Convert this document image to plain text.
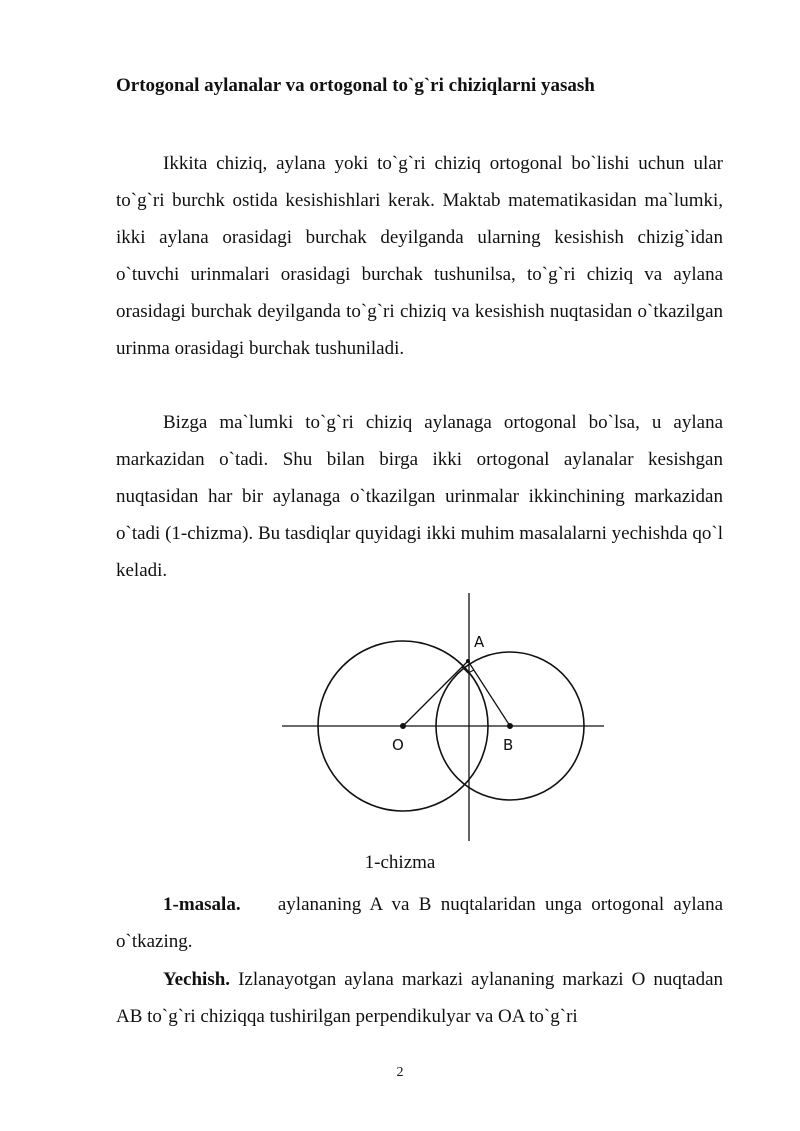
Ortogonal aylanalar va ortogonal to`g`ri chiziqlarni yasash

Ikkita chiziq, aylana yoki to`g`ri chiziq ortogonal bo`lishi uchun ular to`g`ri burchk ostida kesishishlari kerak. Maktab matematikasidan ma`lumki, ikki aylana orasidagi burchak deyilganda ularning kesishish chizig`idan o`tuvchi urinmalari orasidagi burchak tushunilsa, to`g`ri chiziq va aylana orasidagi burchak deyilganda to`g`ri chiziq va kesishish nuqtasidan o`tkazilgan urinma orasidagi burchak tushuniladi.

Bizga ma`lumki to`g`ri chiziq aylanaga ortogonal bo`lsa, u aylana markazidan o`tadi. Shu bilan birga ikki ortogonal aylanalar kesishgan nuqtasidan har bir aylanaga o`tkazilgan urinmalar ikkinchining markazidan o`tadi (1-chizma). Bu tasdiqlar quyidagi ikki muhim masalalarni yechishda qo`l keladi.

A
O	B
1-chizma

1-masala. aylananing A va B nuqtalaridan unga ortogonal aylana o`tkazing.

Yechish. Izlanayotgan aylana markazi aylananing markazi O nuqtadan AB to`g`ri chiziqqa tushirilgan perpendikulyar va OA to`g`ri

2
